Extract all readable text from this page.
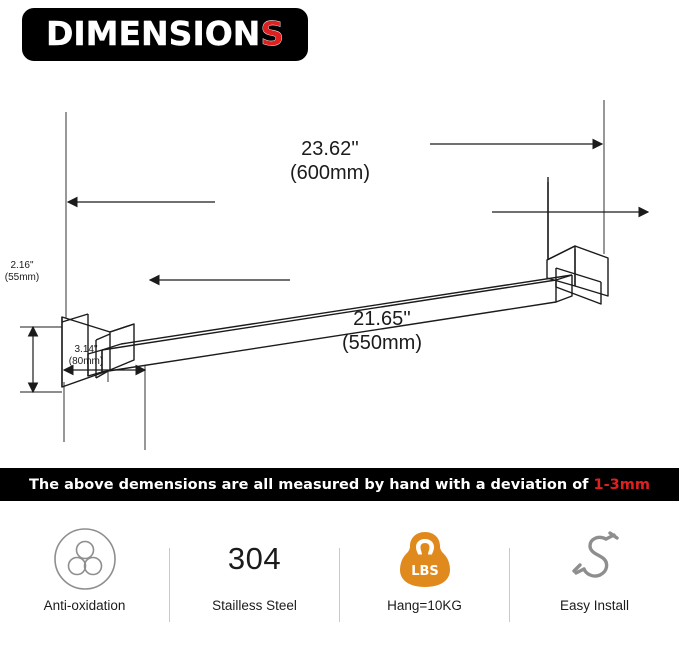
DIMENSIONS
23.62''
(600mm)
21.65''
(550mm)
2.16"
(55mm)
3.14"
(80mm)
The above demensions are all measured by hand with a deviation of 1-3mm
Anti-oxidation
304
Stailless Steel
LBS
Hang=10KG	Easy Install
